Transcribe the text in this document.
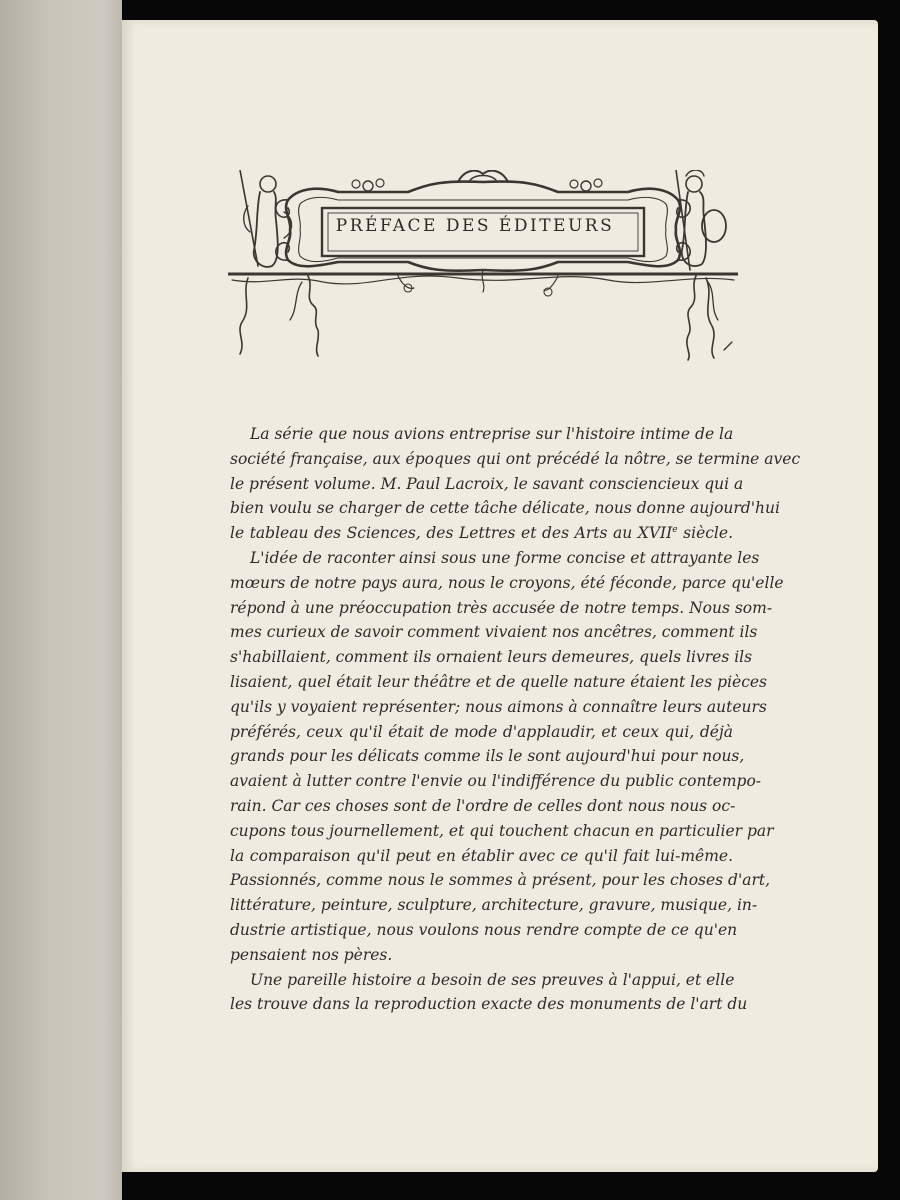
PRÉFACE DES ÉDITEURS
La série que nous avions entreprise sur l'histoire intime de la
société française, aux époques qui ont précédé la nôtre, se termine avec
le présent volume. M. Paul Lacroix, le savant consciencieux qui a
bien voulu se charger de cette tâche délicate, nous donne aujourd'hui
le tableau des Sciences, des Lettres et des Arts au XVIIe siècle.
L'idée de raconter ainsi sous une forme concise et attrayante les
mœurs de notre pays aura, nous le croyons, été féconde, parce qu'elle
répond à une préoccupation très accusée de notre temps. Nous som-
mes curieux de savoir comment vivaient nos ancêtres, comment ils
s'habillaient, comment ils ornaient leurs demeures, quels livres ils
lisaient, quel était leur théâtre et de quelle nature étaient les pièces
qu'ils y voyaient représenter; nous aimons à connaître leurs auteurs
préférés, ceux qu'il était de mode d'applaudir, et ceux qui, déjà
grands pour les délicats comme ils le sont aujourd'hui pour nous,
avaient à lutter contre l'envie ou l'indifférence du public contempo-
rain. Car ces choses sont de l'ordre de celles dont nous nous oc-
cupons tous journellement, et qui touchent chacun en particulier par
la comparaison qu'il peut en établir avec ce qu'il fait lui-même.
Passionnés, comme nous le sommes à présent, pour les choses d'art,
littérature, peinture, sculpture, architecture, gravure, musique, in-
dustrie artistique, nous voulons nous rendre compte de ce qu'en
pensaient nos pères.
Une pareille histoire a besoin de ses preuves à l'appui, et elle
les trouve dans la reproduction exacte des monuments de l'art du
